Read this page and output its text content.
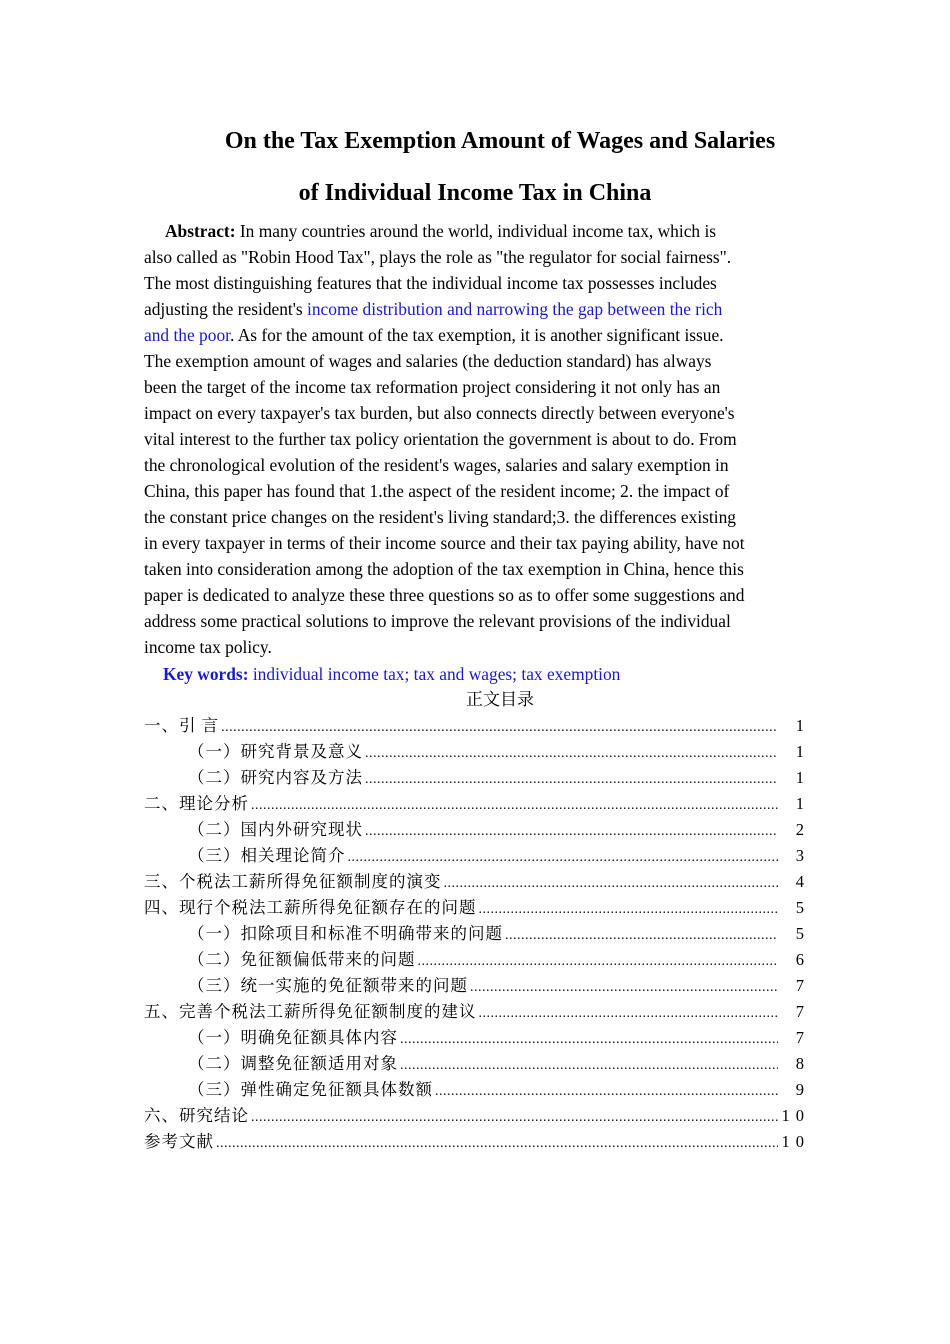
On the Tax Exemption Amount of Wages and Salaries
of Individual Income Tax in China
Abstract: In many countries around the world, individual income tax, which is
also called as "Robin Hood Tax", plays the role as "the regulator for social fairness".
The most distinguishing features that the individual income tax possesses includes
adjusting the resident's income distribution and narrowing the gap between the rich
and the poor. As for the amount of the tax exemption, it is another significant issue.
The exemption amount of wages and salaries (the deduction standard) has always
been the target of the income tax reformation project considering it not only has an
impact on every taxpayer's tax burden, but also connects directly between everyone's
vital interest to the further tax policy orientation the government is about to do. From
the chronological evolution of the resident's wages, salaries and salary exemption in
China, this paper has found that 1.the aspect of the resident income; 2. the impact of
the constant price changes on the resident's living standard;3. the differences existing
in every taxpayer in terms of their income source and their tax paying ability, have not
taken into consideration among the adoption of the tax exemption in China, hence this
paper is dedicated to analyze these three questions so as to offer some suggestions and
address some practical solutions to improve the relevant provisions of the individual
income tax policy.
Key words: individual income tax; tax and wages; tax exemption
正文目录
一、引 言 .....	1
（一）研究背景及意义 .....	1
（二）研究内容及方法 .....	1
二、理论分析 .....	1
（二）国内外研究现状 .....	2
（三）相关理论简介 .....	3
三、个税法工薪所得免征额制度的演变 .....	4
四、现行个税法工薪所得免征额存在的问题 .....	5
（一）扣除项目和标准不明确带来的问题 .....	5
（二）免征额偏低带来的问题 .....	6
（三）统一实施的免征额带来的问题 .....	7
五、完善个税法工薪所得免征额制度的建议 .....	7
（一）明确免征额具体内容 .....	7
（二）调整免征额适用对象 .....	8
（三）弹性确定免征额具体数额 .....	9
六、研究结论 .....	10
参考文献 .....	10
